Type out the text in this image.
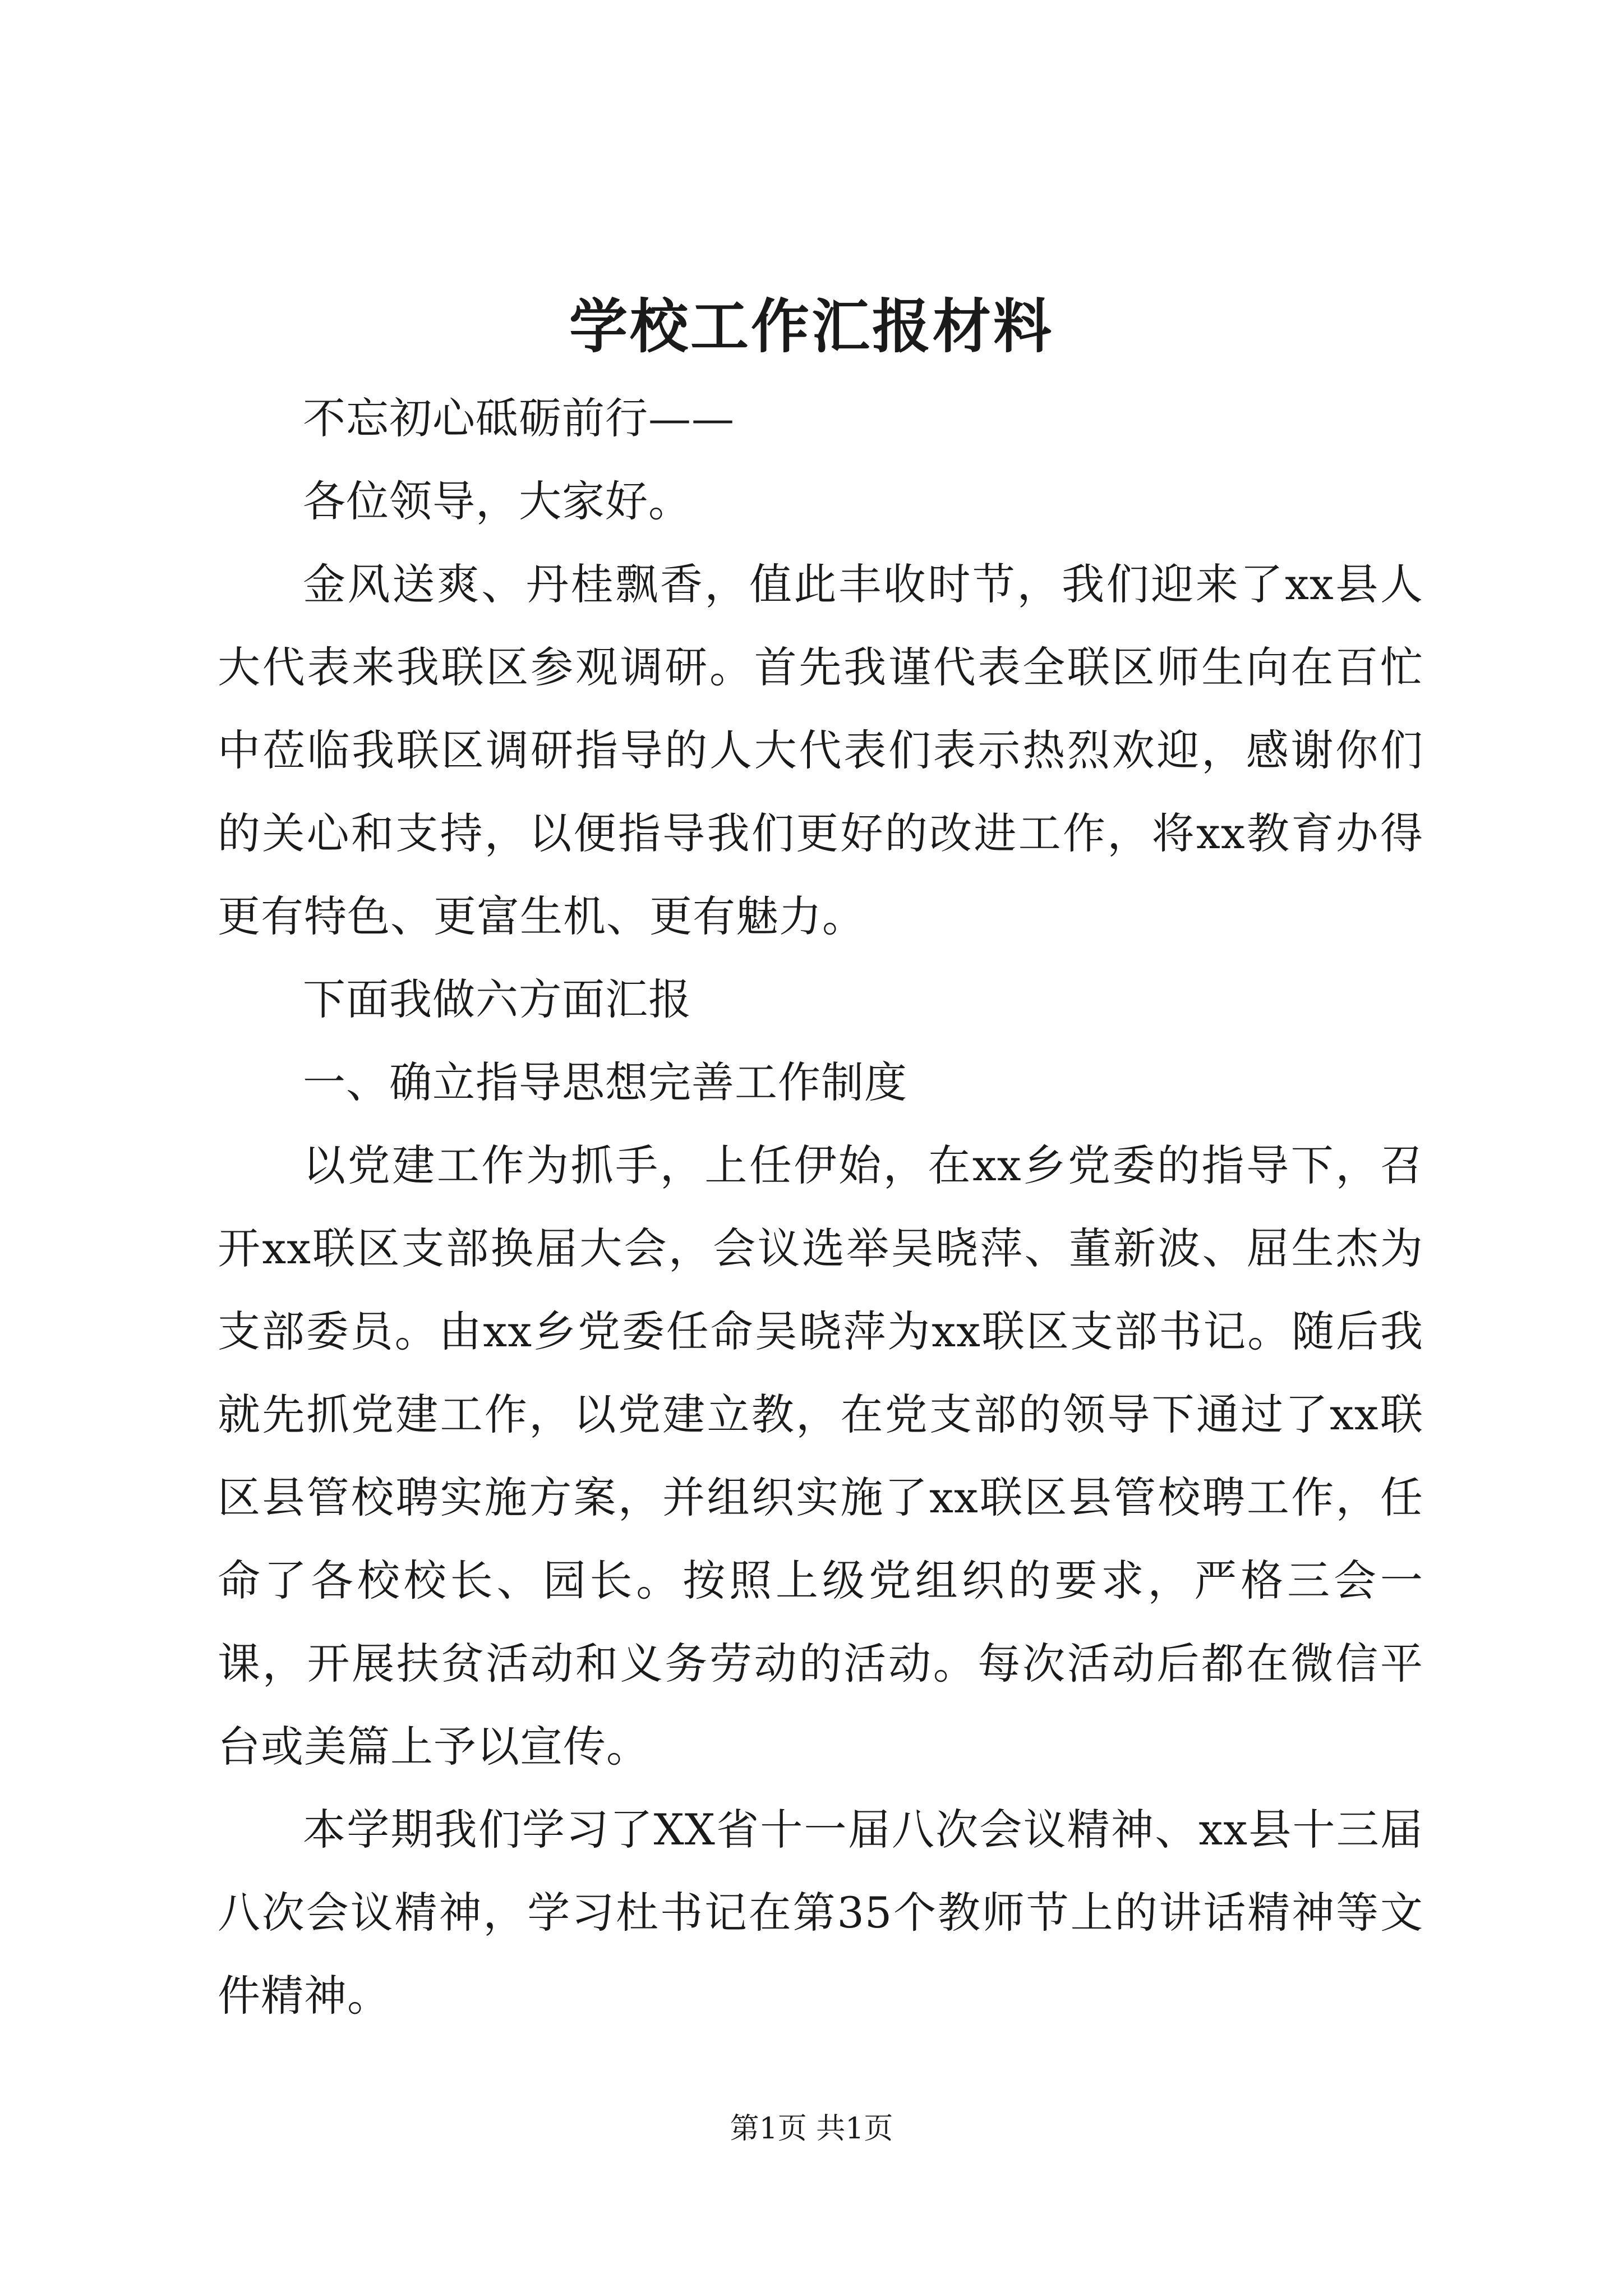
学校工作汇报材料

不忘初心砥砺前行——

各位领导，大家好。

金风送爽、丹桂飘香，值此丰收时节，我们迎来了xx县人大代表来我联区参观调研。首先我谨代表全联区师生向在百忙中莅临我联区调研指导的人大代表们表示热烈欢迎，感谢你们的关心和支持，以便指导我们更好的改进工作，将xx教育办得更有特色、更富生机、更有魅力。

下面我做六方面汇报

一、确立指导思想完善工作制度

以党建工作为抓手，上任伊始，在xx乡党委的指导下，召开xx联区支部换届大会，会议选举吴晓萍、董新波、屈生杰为支部委员。由xx乡党委任命吴晓萍为xx联区支部书记。随后我就先抓党建工作，以党建立教，在党支部的领导下通过了xx联区县管校聘实施方案，并组织实施了xx联区县管校聘工作，任命了各校校长、园长。按照上级党组织的要求，严格三会一课，开展扶贫活动和义务劳动的活动。每次活动后都在微信平台或美篇上予以宣传。

本学期我们学习了XX省十一届八次会议精神、xx县十三届八次会议精神，学习杜书记在第35个教师节上的讲话精神等文件精神。

第1页 共1页
